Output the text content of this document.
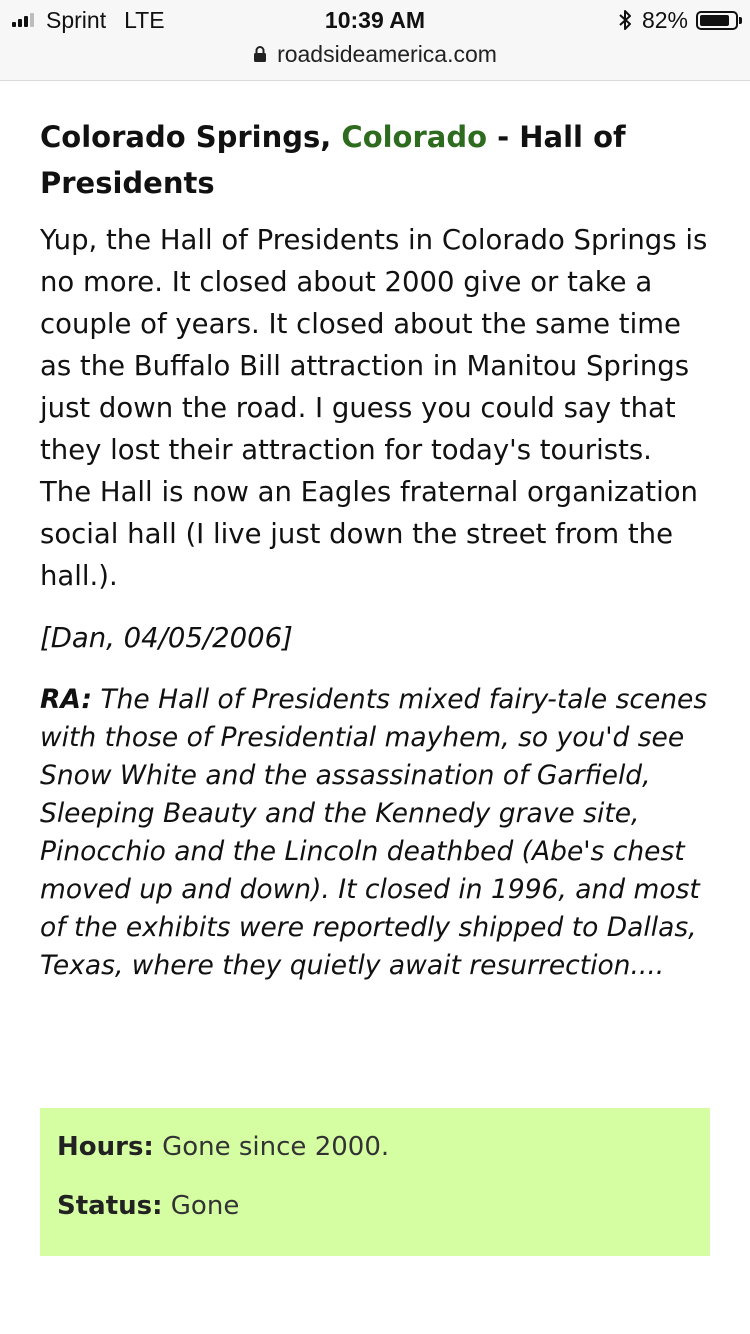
Sprint LTE	10:39 AM	82%
roadsideamerica.com
Colorado Springs, Colorado - Hall of Presidents

Yup, the Hall of Presidents in Colorado Springs is no more. It closed about 2000 give or take a couple of years. It closed about the same time as the Buffalo Bill attraction in Manitou Springs just down the road. I guess you could say that they lost their attraction for today's tourists. The Hall is now an Eagles fraternal organization social hall (I live just down the street from the hall.).

[Dan, 04/05/2006]

RA: The Hall of Presidents mixed fairy-tale scenes with those of Presidential mayhem, so you'd see Snow White and the assassination of Garfield, Sleeping Beauty and the Kennedy grave site, Pinocchio and the Lincoln deathbed (Abe's chest moved up and down). It closed in 1996, and most of the exhibits were reportedly shipped to Dallas, Texas, where they quietly await resurrection....

Hours: Gone since 2000.
Status: Gone
